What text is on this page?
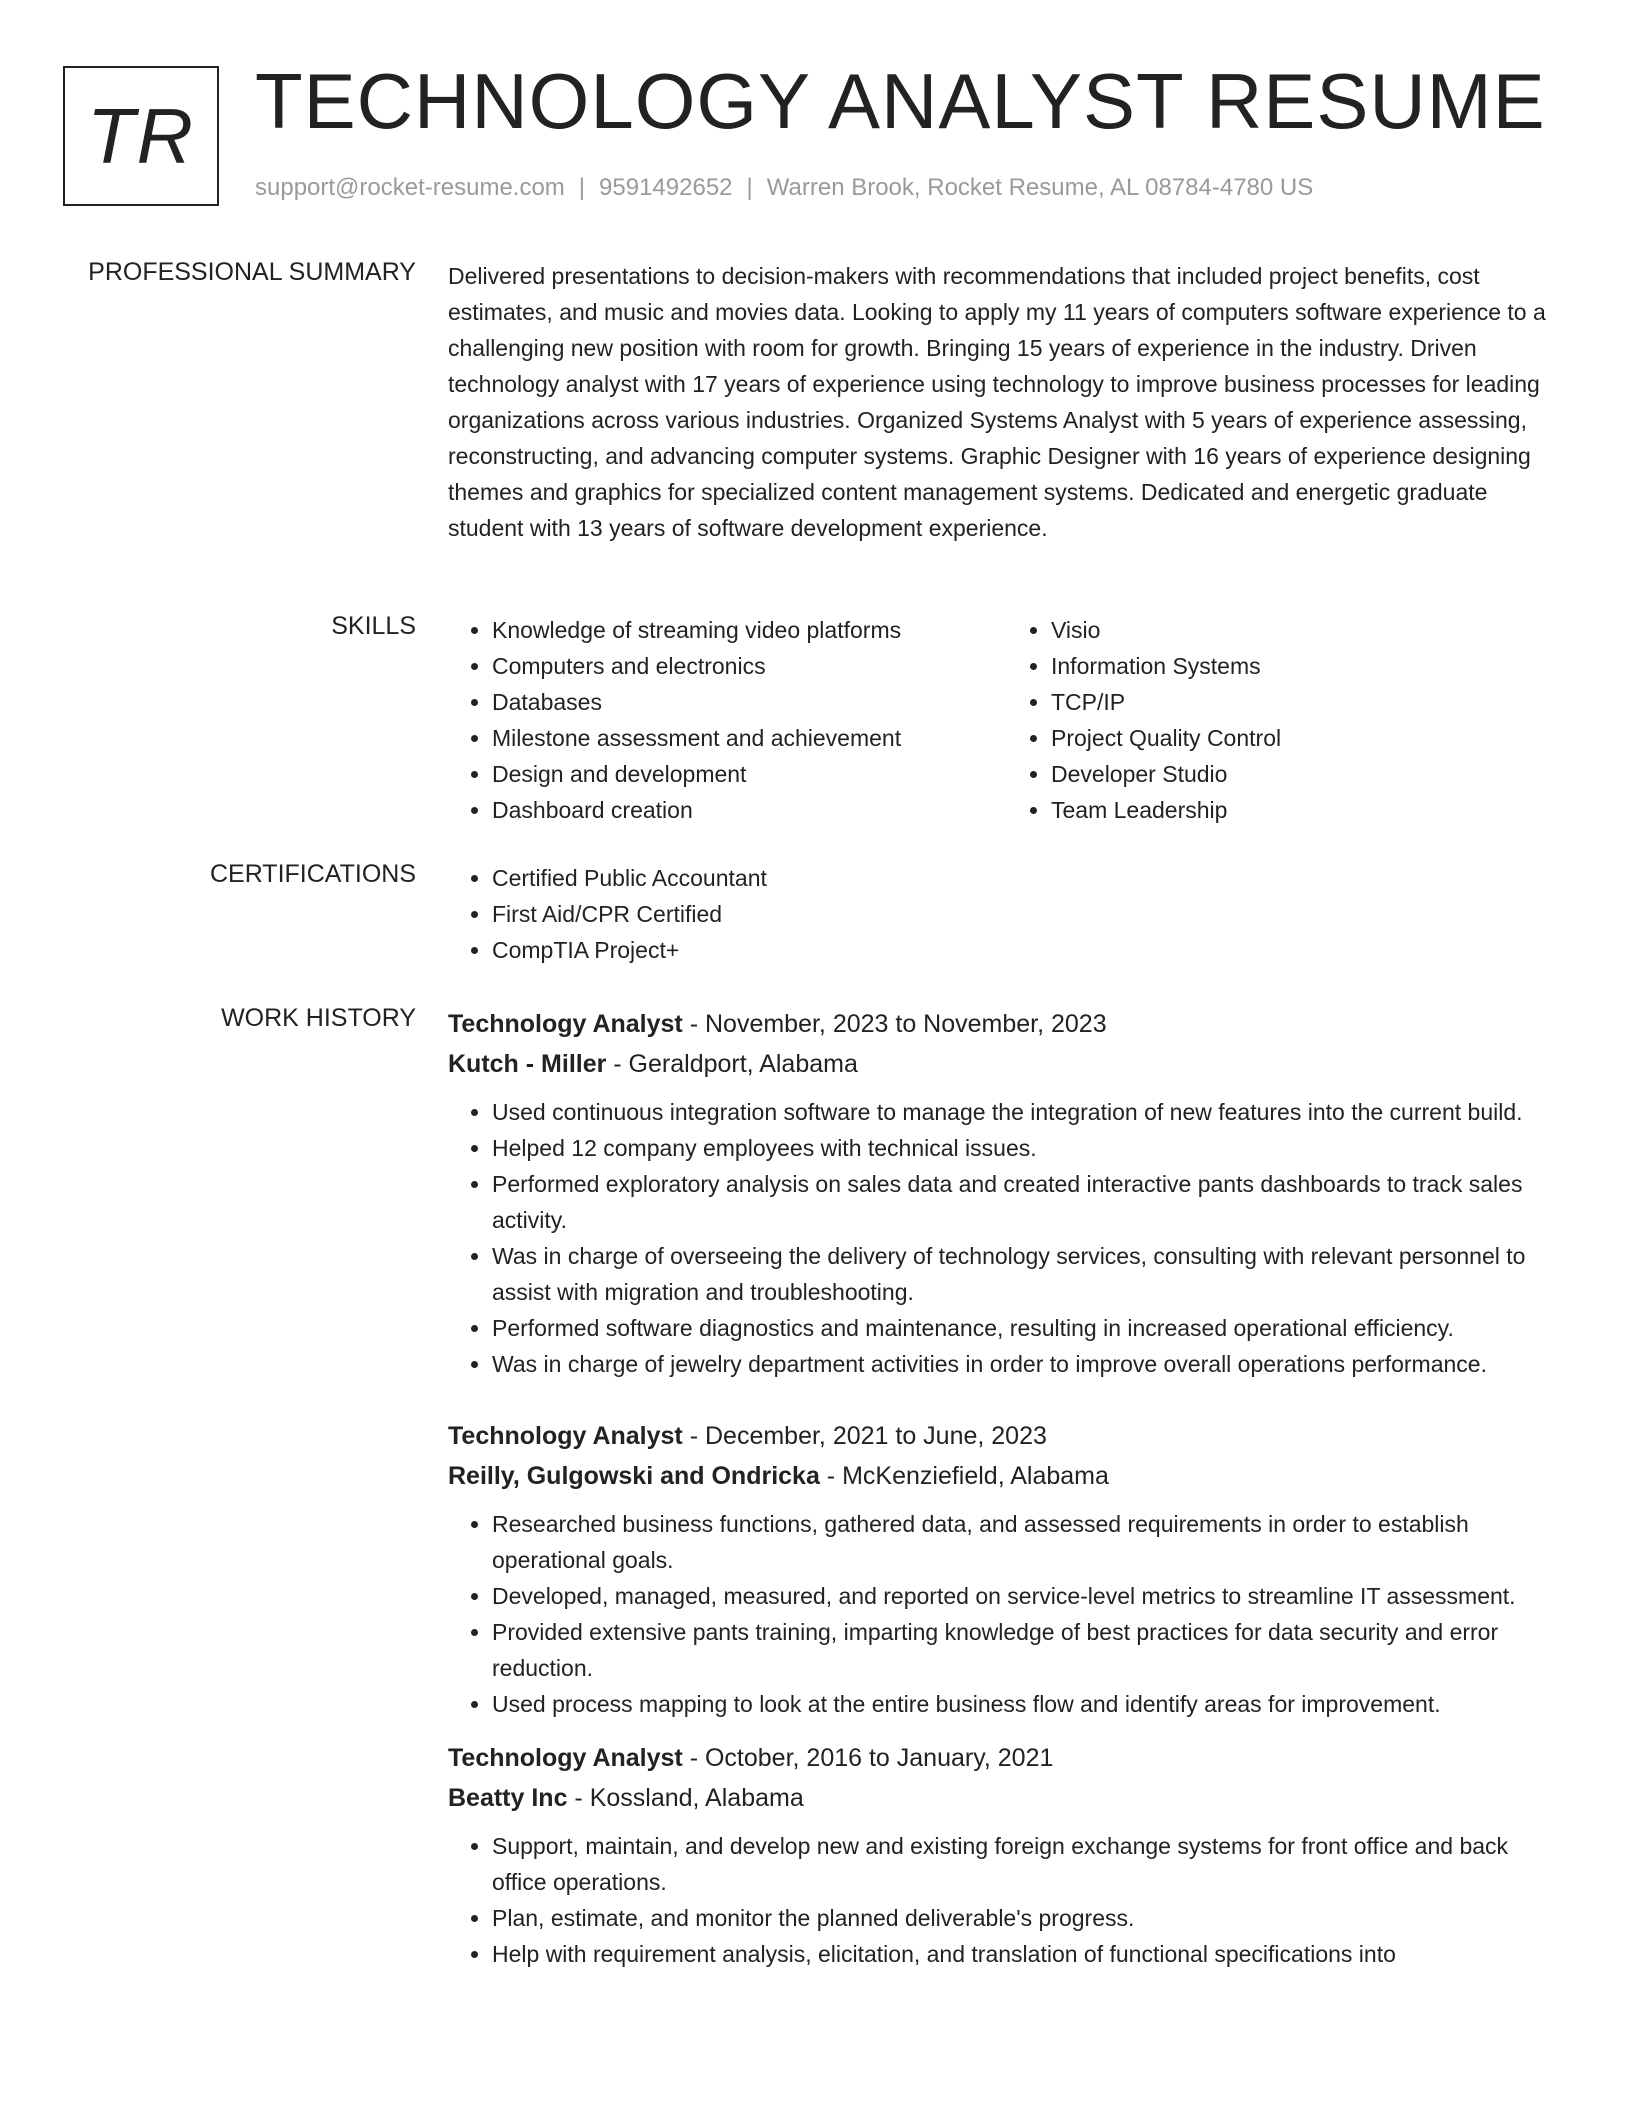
TR TECHNOLOGY ANALYST RESUME
support@rocket-resume.com | 9591492652 | Warren Brook, Rocket Resume, AL 08784-4780 US
PROFESSIONAL SUMMARY Delivered presentations to decision-makers with recommendations that included project benefits, cost estimates, and music and movies data. Looking to apply my 11 years of computers software experience to a challenging new position with room for growth. Bringing 15 years of experience in the industry. Driven technology analyst with 17 years of experience using technology to improve business processes for leading organizations across various industries. Organized Systems Analyst with 5 years of experience assessing, reconstructing, and advancing computer systems. Graphic Designer with 16 years of experience designing themes and graphics for specialized content management systems. Dedicated and energetic graduate student with 13 years of software development experience.
SKILLS	• Knowledge of streaming video platforms
• Computers and electronics
• Databases
• Milestone assessment and achievement
• Design and development
• Dashboard creation
• Visio
• Information Systems
• TCP/IP
• Project Quality Control
• Developer Studio
• Team Leadership
CERTIFICATIONS	• Certified Public Accountant
• First Aid/CPR Certified
• CompTIA Project+
WORK HISTORY Technology Analyst - November, 2023 to November, 2023
Kutch - Miller - Geraldport, Alabama
• Used continuous integration software to manage the integration of new features into the current build.
• Helped 12 company employees with technical issues.
• Performed exploratory analysis on sales data and created interactive pants dashboards to track sales activity.
• Was in charge of overseeing the delivery of technology services, consulting with relevant personnel to assist with migration and troubleshooting.
• Performed software diagnostics and maintenance, resulting in increased operational efficiency.
• Was in charge of jewelry department activities in order to improve overall operations performance.
Technology Analyst - December, 2021 to June, 2023
Reilly, Gulgowski and Ondricka - McKenziefield, Alabama
• Researched business functions, gathered data, and assessed requirements in order to establish operational goals.
• Developed, managed, measured, and reported on service-level metrics to streamline IT assessment.
• Provided extensive pants training, imparting knowledge of best practices for data security and error reduction.
• Used process mapping to look at the entire business flow and identify areas for improvement.
Technology Analyst - October, 2016 to January, 2021
Beatty Inc - Kossland, Alabama
• Support, maintain, and develop new and existing foreign exchange systems for front office and back office operations.
• Plan, estimate, and monitor the planned deliverable's progress.
• Help with requirement analysis, elicitation, and translation of functional specifications into
